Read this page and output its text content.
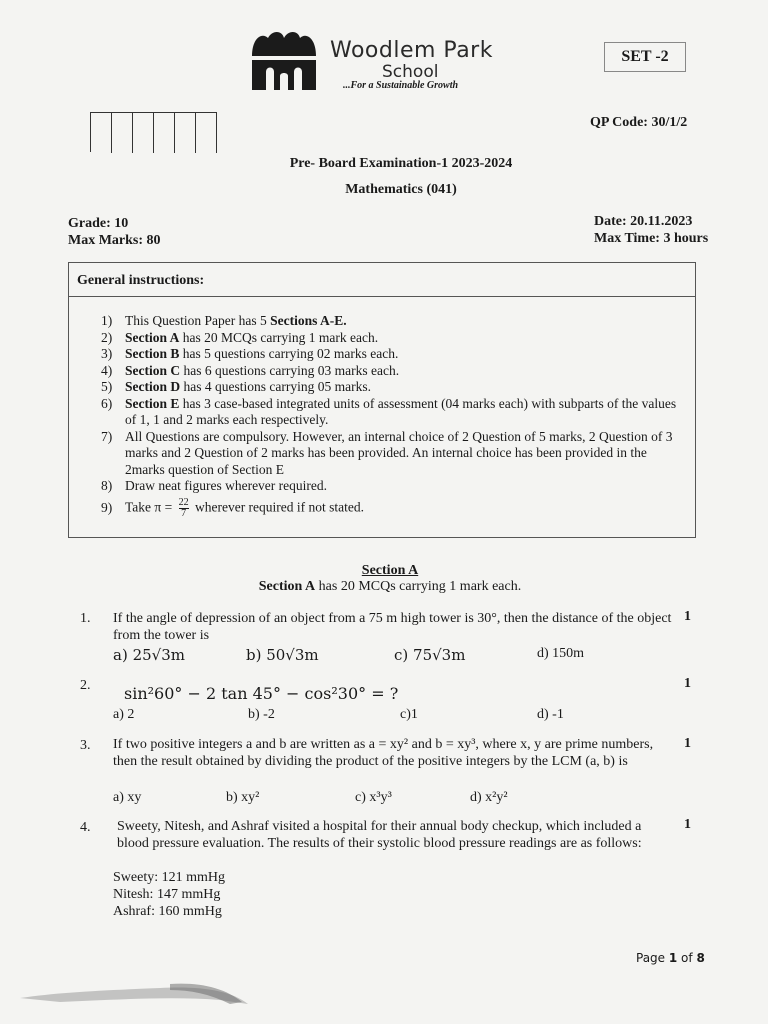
Woodlem Park
School
...For a Sustainable Growth
SET -2
QP Code: 30/1/2
Pre- Board Examination-1 2023-2024
Mathematics (041)
Grade: 10
Max Marks: 80
Date: 20.11.2023
Max Time: 3 hours
General instructions:
1) This Question Paper has 5 Sections A-E.
2) Section A has 20 MCQs carrying 1 mark each.
3) Section B has 5 questions carrying 02 marks each.
4) Section C has 6 questions carrying 03 marks each.
5) Section D has 4 questions carrying 05 marks.
6) Section E has 3 case-based integrated units of assessment (04 marks each) with subparts of the values of 1, 1 and 2 marks each respectively.
7) All Questions are compulsory. However, an internal choice of 2 Question of 5 marks, 2 Question of 3 marks and 2 Question of 2 marks has been provided. An internal choice has been provided in the 2marks question of Section E
8) Draw neat figures wherever required.
9) Take $\pi = \frac{22}{7}$ wherever required if not stated.
Section A
Section A has 20 MCQs carrying 1 mark each.
1. If the angle of depression of an object from a 75 m high tower is 30°, then the distance of the object from the tower is
1
a) 25√3m	b) 50√3m	c) 75√3m	d) 150m
2. sin²60° − 2 tan 45° − cos²30° = ?
1
a) 2	b) -2	c)1	d) -1
3. If two positive integers a and b are written as a = xy² and b = xy³, where x, y are prime numbers, then the result obtained by dividing the product of the positive integers by the LCM (a, b) is
1
a) xy	b) xy²	c) x³y³	d) x²y²
4. Sweety, Nitesh, and Ashraf visited a hospital for their annual body checkup, which included a blood pressure evaluation. The results of their systolic blood pressure readings are as follows:
1
Sweety: 121 mmHg
Nitesh: 147 mmHg
Ashraf: 160 mmHg
Page 1 of 8
